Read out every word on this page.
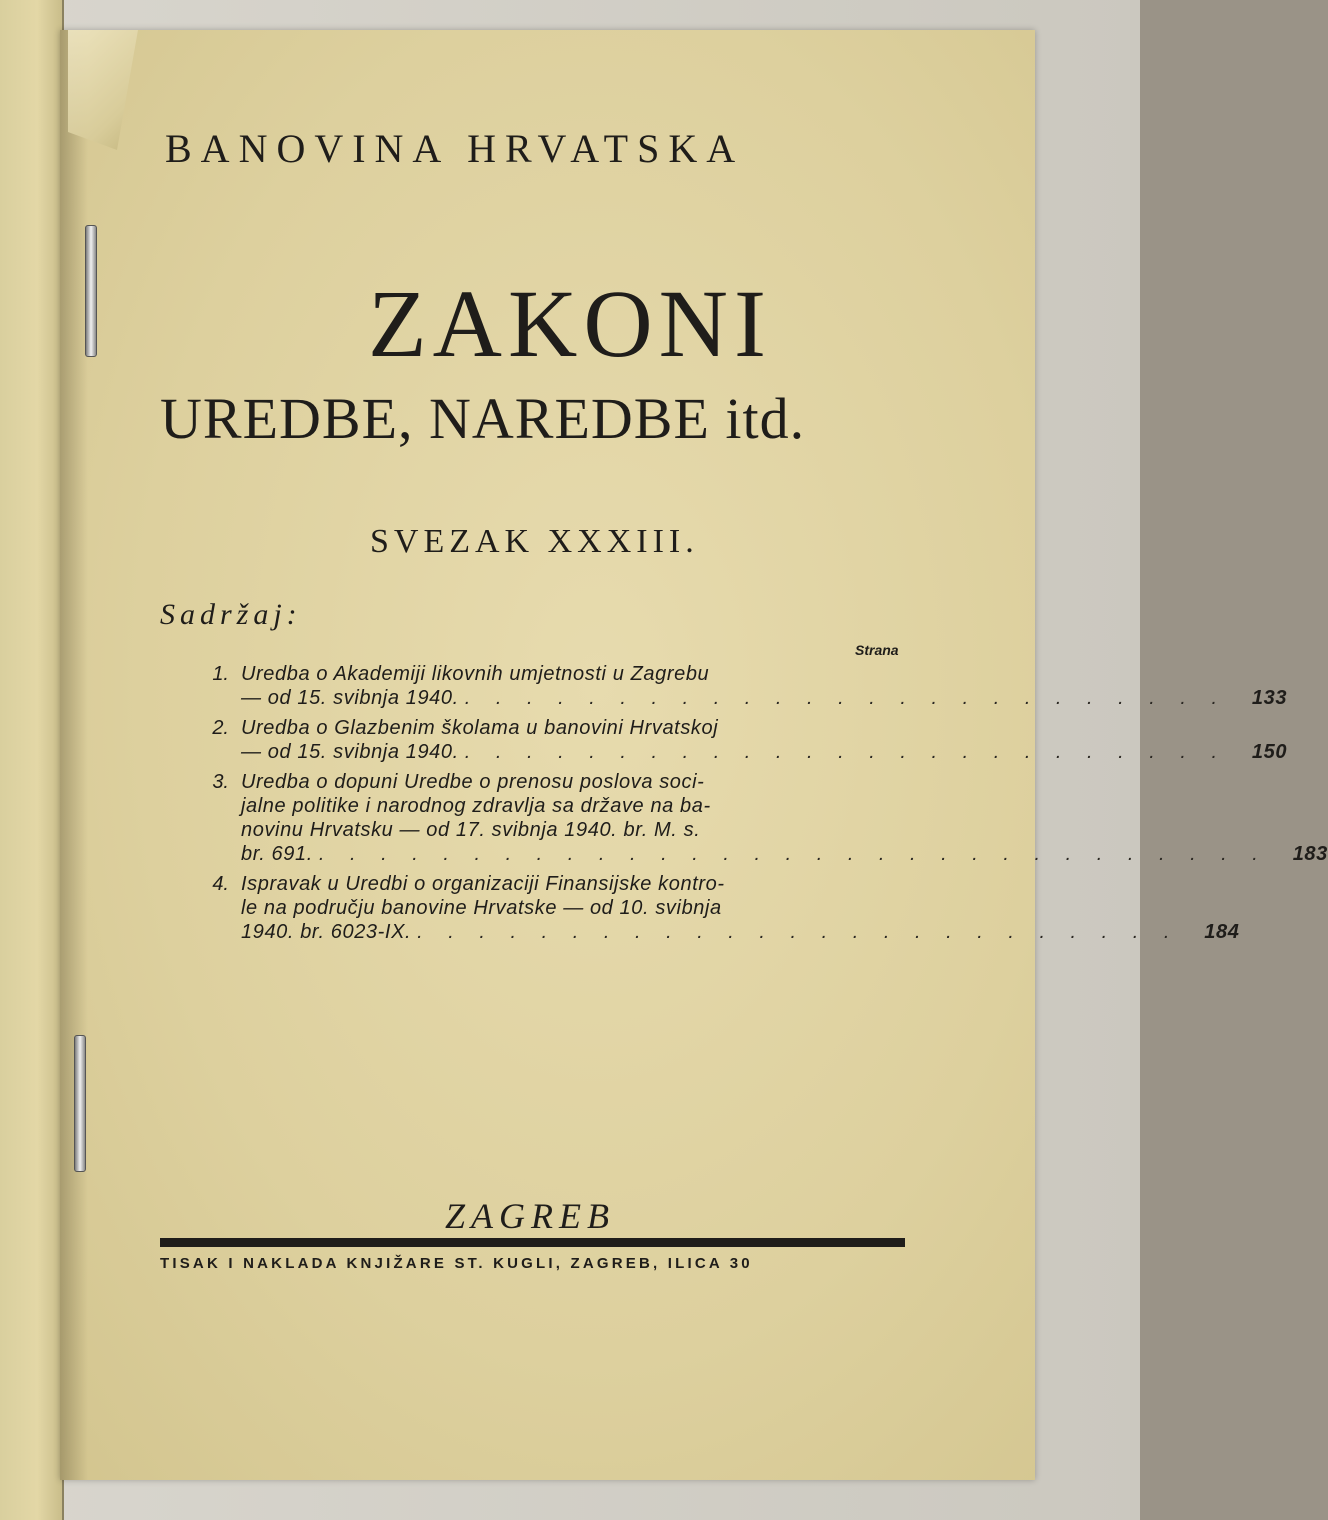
BANOVINA HRVATSKA
ZAKONI
UREDBE, NAREDBE itd.
SVEZAK XXXIII.
Sadržaj:
Strana
1. Uredba o Akademiji likovnih umjetnosti u Zagrebu
— od 15. svibnja 1940. . . . . . . . . . . . . . . . . . . . . . . . . .	133
2. Uredba o Glazbenim školama u banovini Hrvatskoj
— od 15. svibnja 1940. . . . . . . . . . . . . . . . . . . . . . . . . .	150
3. Uredba o dopuni Uredbe o prenosu poslova soci-
jalne politike i narodnog zdravlja sa države na ba-
novinu Hrvatsku — od 17. svibnja 1940. br. M. s.
br. 691. . . . . . . . . . . . . . . . . . . . . . . . . . . . . . . .	183
4. Ispravak u Uredbi o organizaciji Finansijske kontro-
le na području banovine Hrvatske — od 10. svibnja
1940. br. 6023-IX. . . . . . . . . . . . . . . . . . . . . . . . . .	184
ZAGREB
TISAK I NAKLADA KNJIŽARE ST. KUGLI, ZAGREB, ILICA 30
